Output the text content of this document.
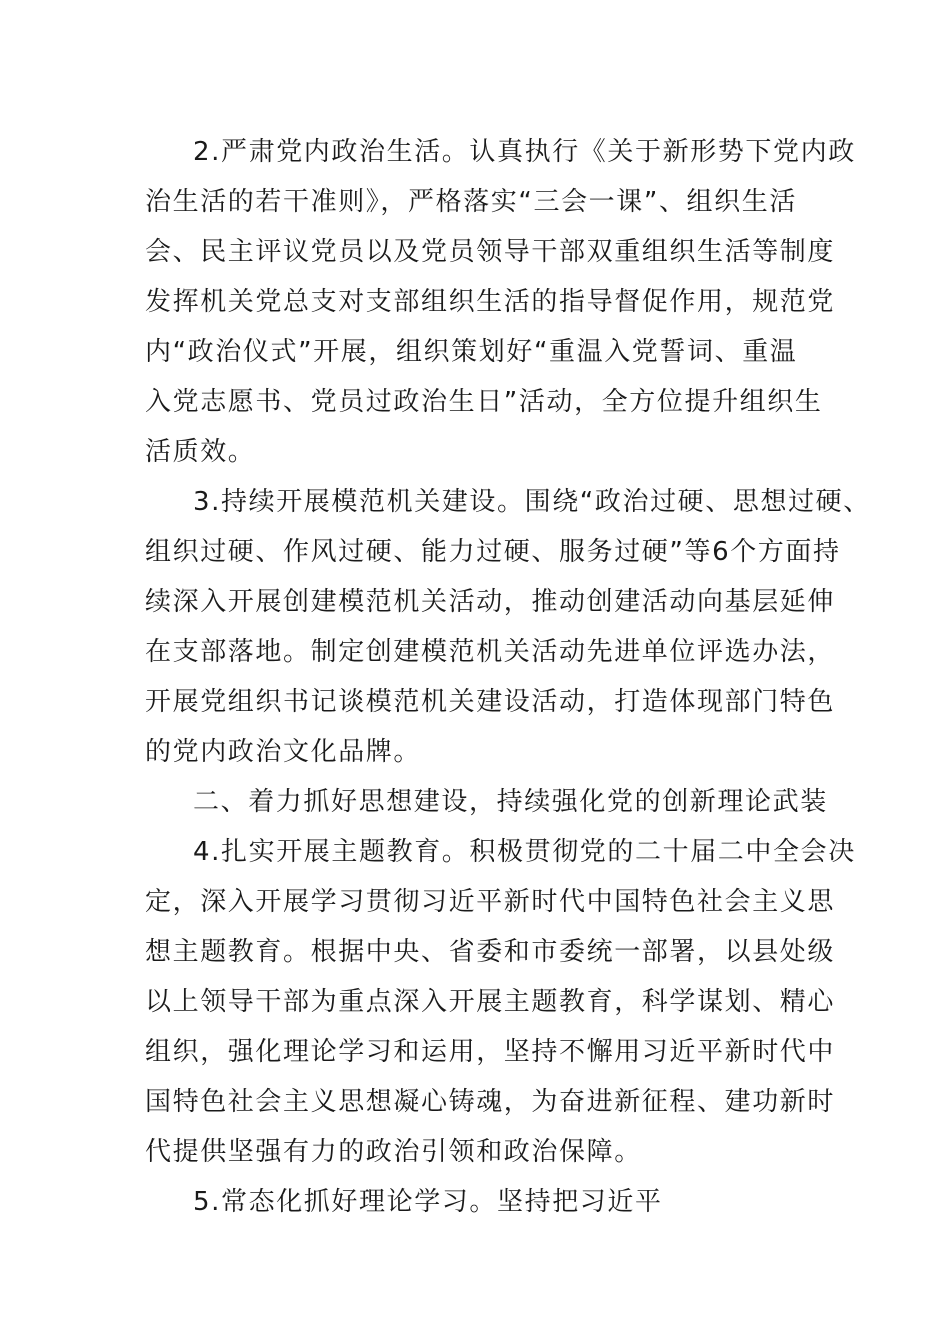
2.严肃党内政治生活。认真执行《关于新形势下党内政
治生活的若干准则》，严格落实“三会一课”、组织生活
会、民主评议党员以及党员领导干部双重组织生活等制度
发挥机关党总支对支部组织生活的指导督促作用，规范党
内“政治仪式”开展，组织策划好“重温入党誓词、重温
入党志愿书、党员过政治生日”活动，全方位提升组织生
活质效。
3.持续开展模范机关建设。围绕“政治过硬、思想过硬、
组织过硬、作风过硬、能力过硬、服务过硬”等6个方面持
续深入开展创建模范机关活动，推动创建活动向基层延伸
在支部落地。制定创建模范机关活动先进单位评选办法，
开展党组织书记谈模范机关建设活动，打造体现部门特色
的党内政治文化品牌。
二、着力抓好思想建设，持续强化党的创新理论武装
4.扎实开展主题教育。积极贯彻党的二十届二中全会决
定，深入开展学习贯彻习近平新时代中国特色社会主义思
想主题教育。根据中央、省委和市委统一部署，以县处级
以上领导干部为重点深入开展主题教育，科学谋划、精心
组织，强化理论学习和运用，坚持不懈用习近平新时代中
国特色社会主义思想凝心铸魂，为奋进新征程、建功新时
代提供坚强有力的政治引领和政治保障。
5.常态化抓好理论学习。坚持把习近平
